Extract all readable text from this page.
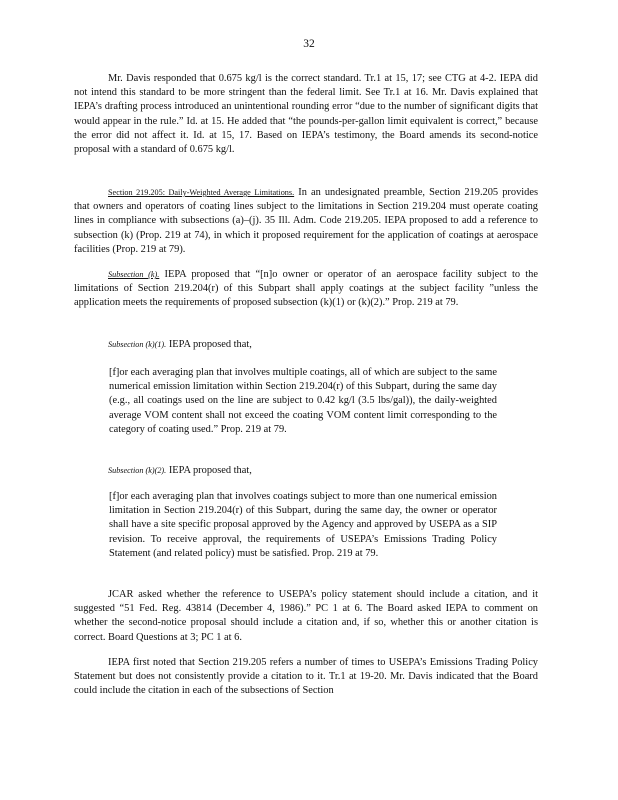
32

Mr. Davis responded that 0.675 kg/l is the correct standard. Tr.1 at 15, 17; see CTG at 4-2. IEPA did not intend this standard to be more stringent than the federal limit. See Tr.1 at 16. Mr. Davis explained that IEPA’s drafting process introduced an unintentional rounding error “due to the number of significant digits that would appear in the rule.” Id. at 15. He added that “the pounds-per-gallon limit equivalent is correct,” because the error did not affect it. Id. at 15, 17. Based on IEPA’s testimony, the Board amends its second-notice proposal with a standard of 0.675 kg/l.

Section 219.205: Daily-Weighted Average Limitations. In an undesignated preamble, Section 219.205 provides that owners and operators of coating lines subject to the limitations in Section 219.204 must operate coating lines in compliance with subsections (a)–(j). 35 Ill. Adm. Code 219.205. IEPA proposed to add a reference to subsection (k) (Prop. 219 at 74), in which it proposed requirement for the application of coatings at aerospace facilities (Prop. 219 at 79).

Subsection (k). IEPA proposed that “[n]o owner or operator of an aerospace facility subject to the limitations of Section 219.204(r) of this Subpart shall apply coatings at the subject facility ”unless the application meets the requirements of proposed subsection (k)(1) or (k)(2).” Prop. 219 at 79.

Subsection (k)(1). IEPA proposed that,

[f]or each averaging plan that involves multiple coatings, all of which are subject to the same numerical emission limitation within Section 219.204(r) of this Subpart, during the same day (e.g., all coatings used on the line are subject to 0.42 kg/l (3.5 lbs/gal)), the daily-weighted average VOM content shall not exceed the coating VOM content limit corresponding to the category of coating used.” Prop. 219 at 79.

Subsection (k)(2). IEPA proposed that,

[f]or each averaging plan that involves coatings subject to more than one numerical emission limitation in Section 219.204(r) of this Subpart, during the same day, the owner or operator shall have a site specific proposal approved by the Agency and approved by USEPA as a SIP revision. To receive approval, the requirements of USEPA’s Emissions Trading Policy Statement (and related policy) must be satisfied. Prop. 219 at 79.

JCAR asked whether the reference to USEPA’s policy statement should include a citation, and it suggested “51 Fed. Reg. 43814 (December 4, 1986).” PC 1 at 6. The Board asked IEPA to comment on whether the second-notice proposal should include a citation and, if so, whether this or another citation is correct. Board Questions at 3; PC 1 at 6.

IEPA first noted that Section 219.205 refers a number of times to USEPA’s Emissions Trading Policy Statement but does not consistently provide a citation to it. Tr.1 at 19-20. Mr. Davis indicated that the Board could include the citation in each of the subsections of Section
